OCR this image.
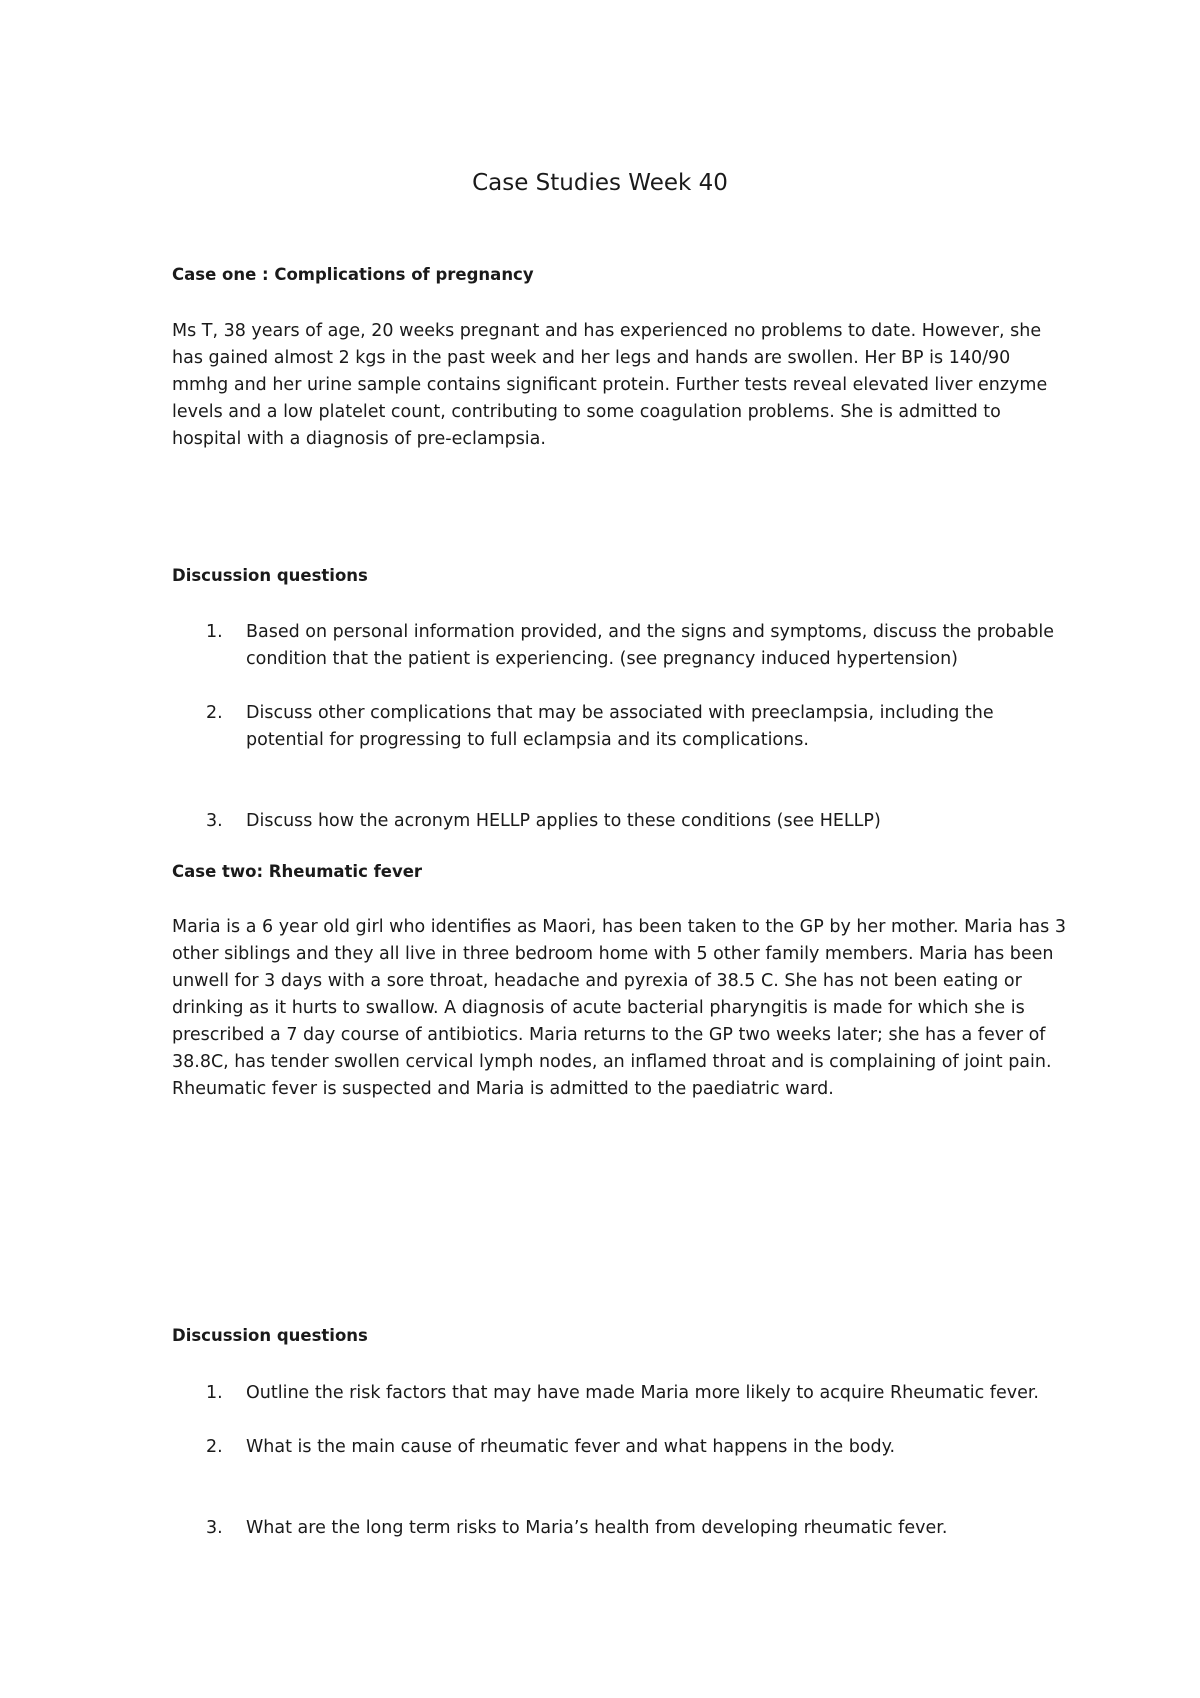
Case Studies Week 40
Case one : Complications of pregnancy

Ms T, 38 years of age, 20 weeks pregnant and has experienced no problems to date. However, she has gained almost 2 kgs in the past week and her legs and hands are swollen. Her BP is 140/90 mmhg and her urine sample contains significant protein. Further tests reveal elevated liver enzyme levels and a low platelet count, contributing to some coagulation problems. She is admitted to hospital with a diagnosis of pre-eclampsia.

Discussion questions
1. Based on personal information provided, and the signs and symptoms, discuss the probable condition that the patient is experiencing. (see pregnancy induced hypertension)
2. Discuss other complications that may be associated with preeclampsia, including the potential for progressing to full eclampsia and its complications.
3. Discuss how the acronym HELLP applies to these conditions (see HELLP)
Case two: Rheumatic fever

Maria is a 6 year old girl who identifies as Maori, has been taken to the GP by her mother. Maria has 3 other siblings and they all live in three bedroom home with 5 other family members. Maria has been unwell for 3 days with a sore throat, headache and pyrexia of 38.5 C. She has not been eating or drinking as it hurts to swallow. A diagnosis of acute bacterial pharyngitis is made for which she is prescribed a 7 day course of antibiotics. Maria returns to the GP two weeks later; she has a fever of 38.8C, has tender swollen cervical lymph nodes, an inflamed throat and is complaining of joint pain. Rheumatic fever is suspected and Maria is admitted to the paediatric ward.

Discussion questions
1. Outline the risk factors that may have made Maria more likely to acquire Rheumatic fever.
2. What is the main cause of rheumatic fever and what happens in the body.
3. What are the long term risks to Maria’s health from developing rheumatic fever.
